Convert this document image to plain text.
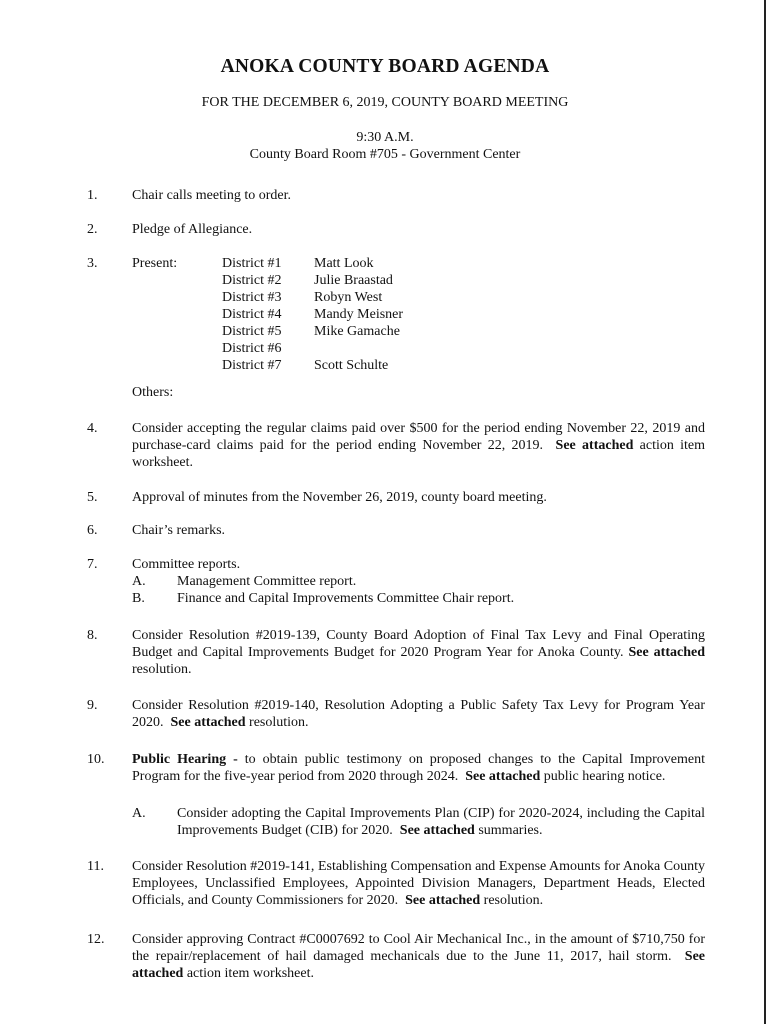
ANOKA COUNTY BOARD AGENDA
FOR THE DECEMBER 6, 2019, COUNTY BOARD MEETING
9:30 A.M.
County Board Room #705 - Government Center
1.	Chair calls meeting to order.
2.	Pledge of Allegiance.
3.	Present:	District #1 Matt Look
District #2 Julie Braastad
District #3 Robyn West
District #4 Mandy Meisner
District #5 Mike Gamache
District #6
District #7 Scott Schulte
Others:
4.	Consider accepting the regular claims paid over $500 for the period ending November 22, 2019 and purchase-card claims paid for the period ending November 22, 2019. See attached action item worksheet.
5.	Approval of minutes from the November 26, 2019, county board meeting.
6.	Chair’s remarks.
7.	Committee reports.
A.	Management Committee report.
B.	Finance and Capital Improvements Committee Chair report.
8.	Consider Resolution #2019-139, County Board Adoption of Final Tax Levy and Final Operating Budget and Capital Improvements Budget for 2020 Program Year for Anoka County. See attached resolution.
9.	Consider Resolution #2019-140, Resolution Adopting a Public Safety Tax Levy for Program Year 2020. See attached resolution.
10.	Public Hearing - to obtain public testimony on proposed changes to the Capital Improvement Program for the five-year period from 2020 through 2024. See attached public hearing notice.
A.	Consider adopting the Capital Improvements Plan (CIP) for 2020-2024, including the Capital Improvements Budget (CIB) for 2020. See attached summaries.
11.	Consider Resolution #2019-141, Establishing Compensation and Expense Amounts for Anoka County Employees, Unclassified Employees, Appointed Division Managers, Department Heads, Elected Officials, and County Commissioners for 2020. See attached resolution.
12.	Consider approving Contract #C0007692 to Cool Air Mechanical Inc., in the amount of $710,750 for the repair/replacement of hail damaged mechanicals due to the June 11, 2017, hail storm. See attached action item worksheet.
